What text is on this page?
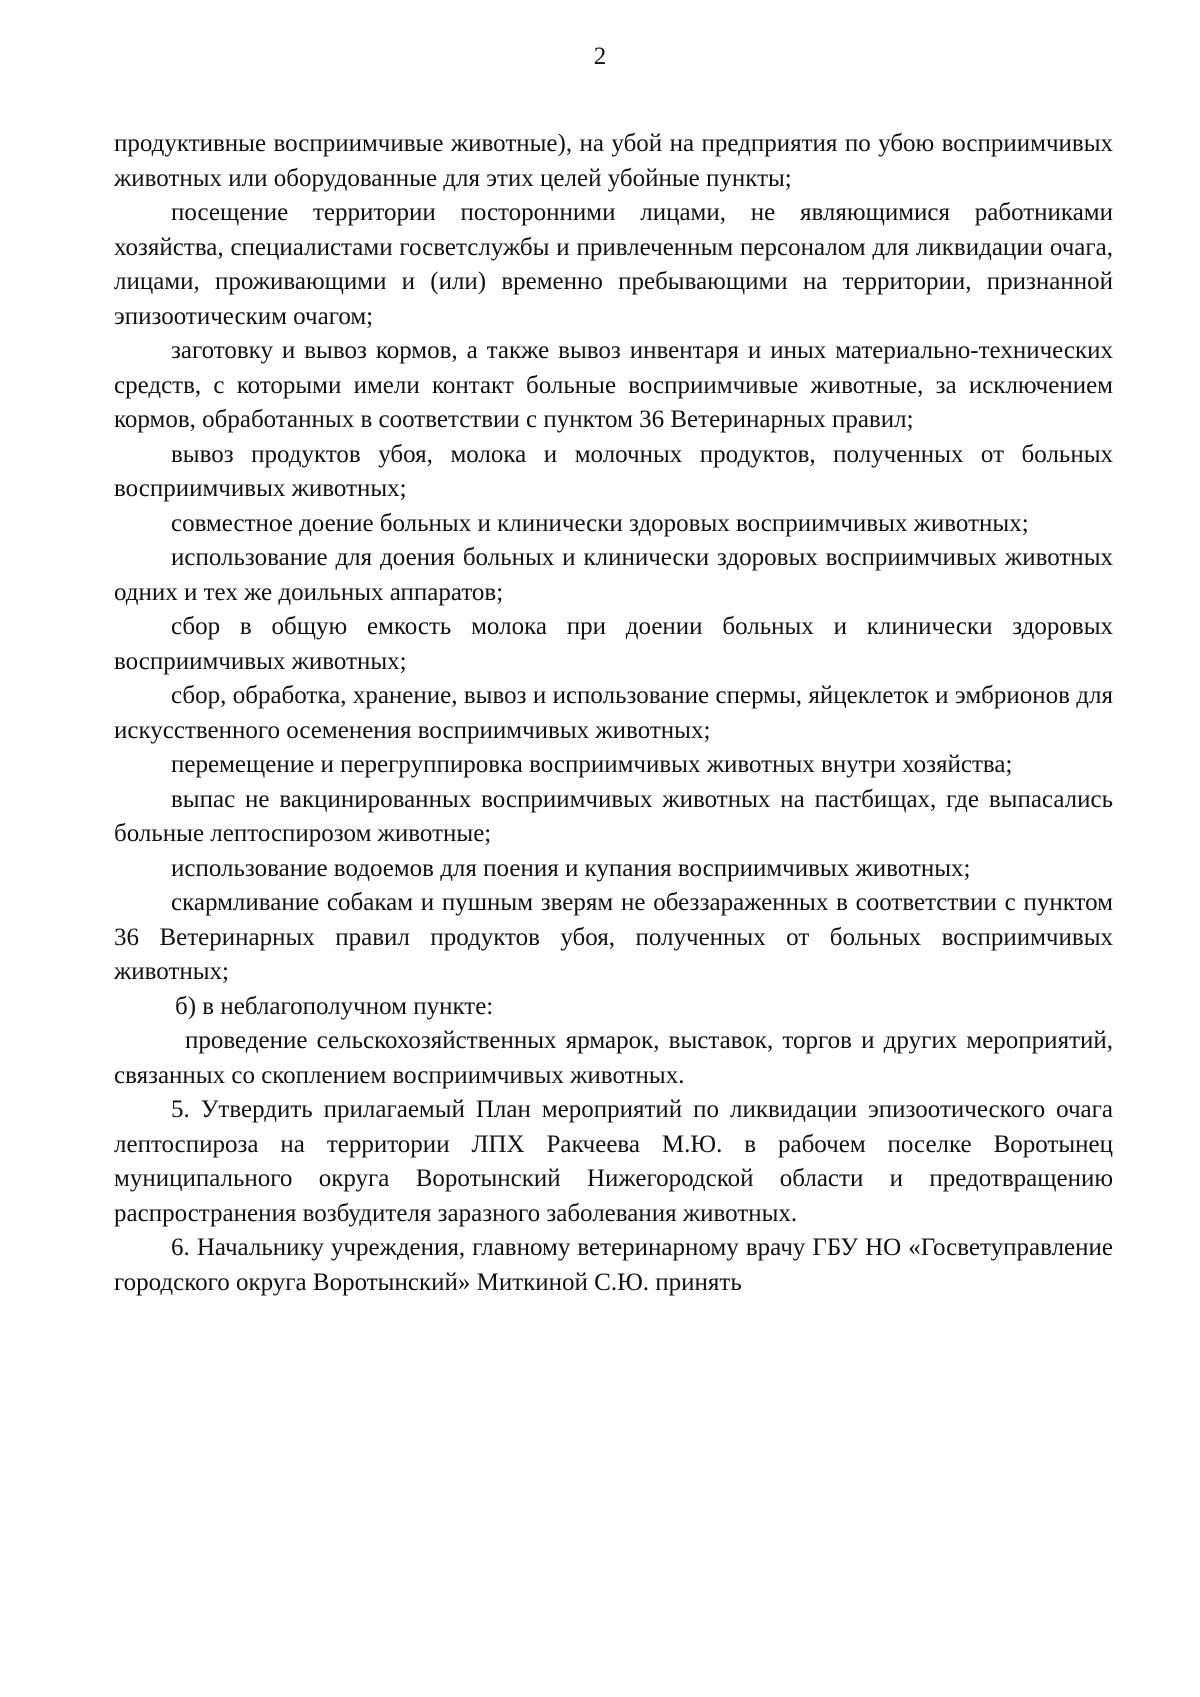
2

продуктивные восприимчивые животные), на убой на предприятия по убою восприимчивых животных или оборудованные для этих целей убойные пункты;

посещение территории посторонними лицами, не являющимися работниками хозяйства, специалистами госветслужбы и привлеченным персоналом для ликвидации очага, лицами, проживающими и (или) временно пребывающими на территории, признанной эпизоотическим очагом;

заготовку и вывоз кормов, а также вывоз инвентаря и иных материально-технических средств, с которыми имели контакт больные восприимчивые животные, за исключением кормов, обработанных в соответствии с пунктом 36 Ветеринарных правил;

вывоз продуктов убоя, молока и молочных продуктов, полученных от больных восприимчивых животных;

совместное доение больных и клинически здоровых восприимчивых животных;

использование для доения больных и клинически здоровых восприимчивых животных одних и тех же доильных аппаратов;

сбор в общую емкость молока при доении больных и клинически здоровых восприимчивых животных;

сбор, обработка, хранение, вывоз и использование спермы, яйцеклеток и эмбрионов для искусственного осеменения восприимчивых животных;

перемещение и перегруппировка восприимчивых животных внутри хозяйства;

выпас не вакцинированных восприимчивых животных на пастбищах, где выпасались больные лептоспирозом животные;

использование водоемов для поения и купания восприимчивых животных;

скармливание собакам и пушным зверям не обеззараженных в соответствии с пунктом 36 Ветеринарных правил продуктов убоя, полученных от больных восприимчивых животных;

б) в неблагополучном пункте:

проведение сельскохозяйственных ярмарок, выставок, торгов и других мероприятий, связанных со скоплением восприимчивых животных.

5. Утвердить прилагаемый План мероприятий по ликвидации эпизоотического очага лептоспироза на территории ЛПХ Ракчеева М.Ю. в рабочем поселке Воротынец муниципального округа Воротынский Нижегородской области и предотвращению распространения возбудителя заразного заболевания животных.

6. Начальнику учреждения, главному ветеринарному врачу ГБУ НО «Госветуправление городского округа Воротынский» Миткиной С.Ю. принять
